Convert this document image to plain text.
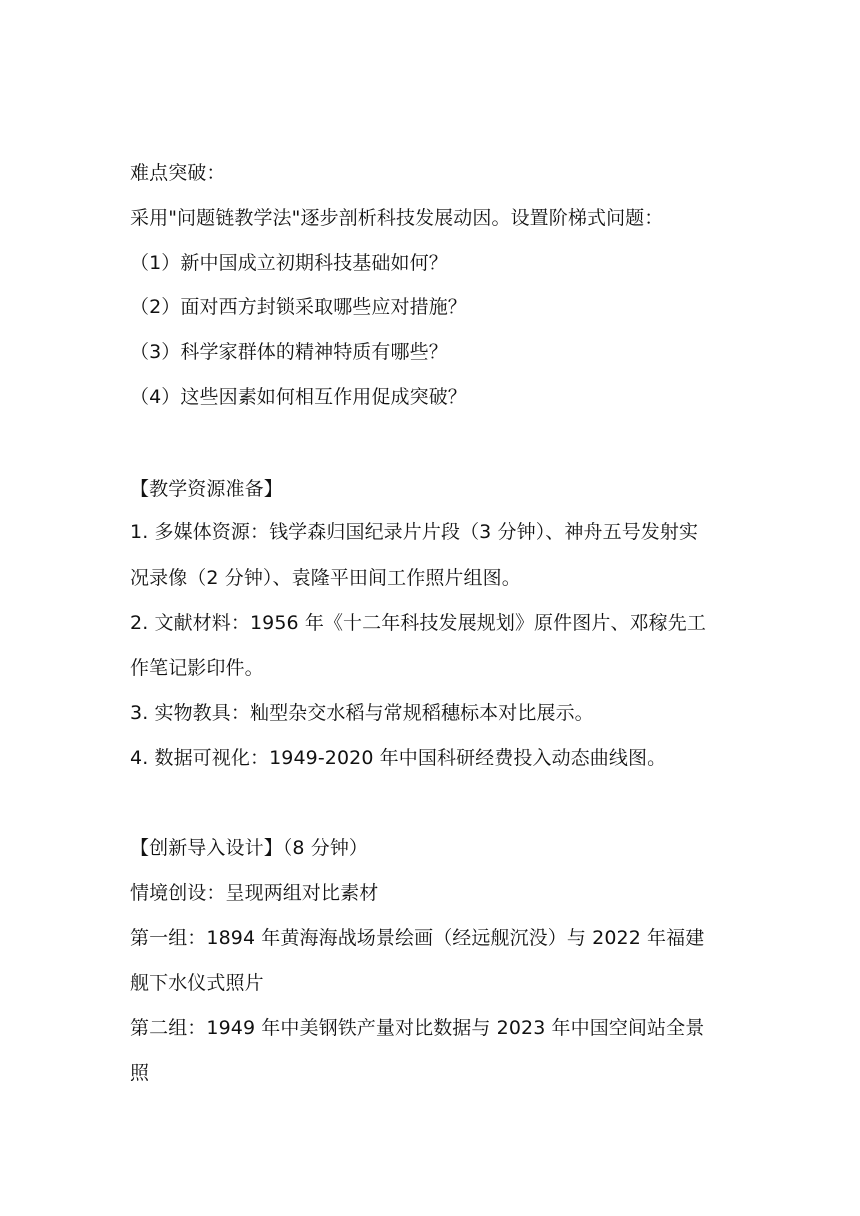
难点突破：
采用"问题链教学法"逐步剖析科技发展动因。设置阶梯式问题：
（1）新中国成立初期科技基础如何？
（2）面对西方封锁采取哪些应对措施？
（3）科学家群体的精神特质有哪些？
（4）这些因素如何相互作用促成突破？
【教学资源准备】
1. 多媒体资源：钱学森归国纪录片片段（3 分钟）、神舟五号发射实
况录像（2 分钟）、袁隆平田间工作照片组图。
2. 文献材料：1956 年《十二年科技发展规划》原件图片、邓稼先工
作笔记影印件。
3. 实物教具：籼型杂交水稻与常规稻穗标本对比展示。
4. 数据可视化：1949-2020 年中国科研经费投入动态曲线图。
【创新导入设计】（8 分钟）
情境创设：呈现两组对比素材
第一组：1894 年黄海海战场景绘画（经远舰沉没）与 2022 年福建
舰下水仪式照片
第二组：1949 年中美钢铁产量对比数据与 2023 年中国空间站全景
照
